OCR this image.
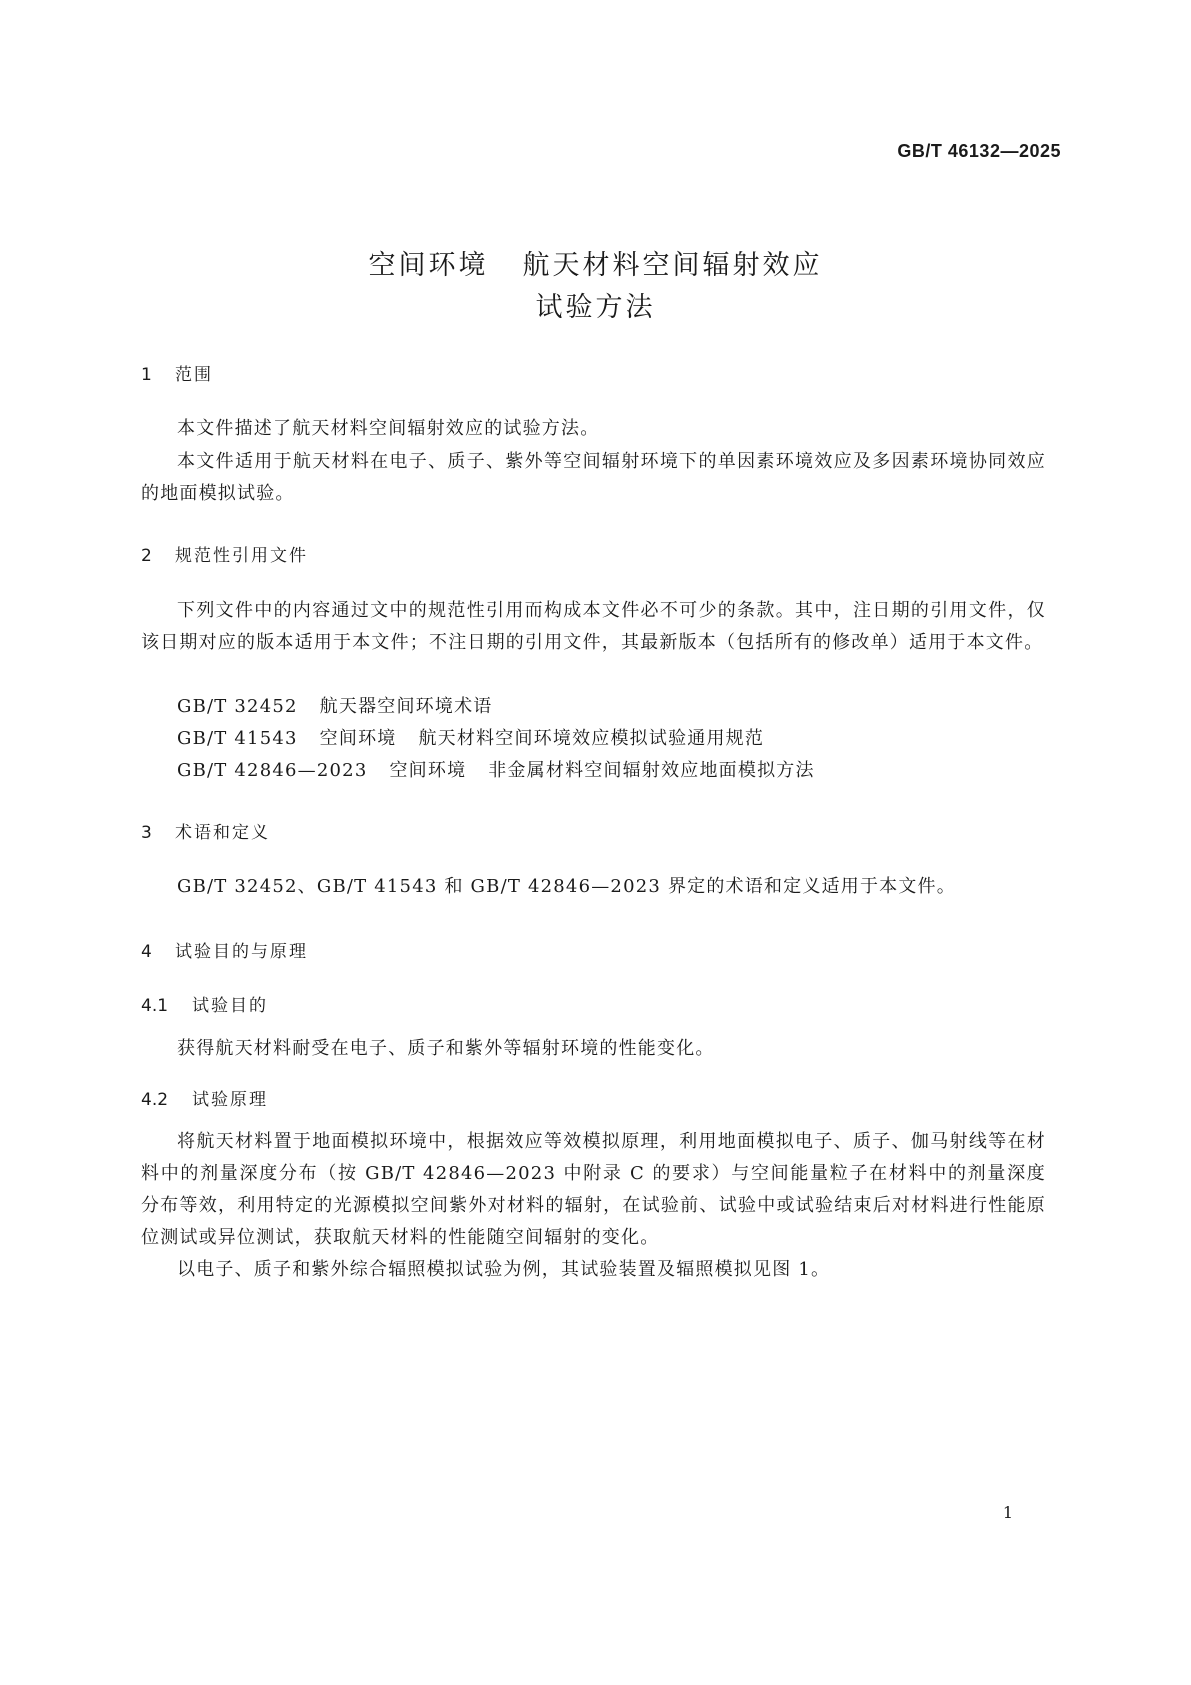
GB/T 46132—2025
空间环境 航天材料空间辐射效应
试验方法
1 范围

本文件描述了航天材料空间辐射效应的试验方法。

本文件适用于航天材料在电子、质子、紫外等空间辐射环境下的单因素环境效应及多因素环境协同效应的地面模拟试验。

2 规范性引用文件

下列文件中的内容通过文中的规范性引用而构成本文件必不可少的条款。其中，注日期的引用文件，仅该日期对应的版本适用于本文件；不注日期的引用文件，其最新版本（包括所有的修改单）适用于本文件。

GB/T 32452 航天器空间环境术语
GB/T 41543 空间环境 航天材料空间环境效应模拟试验通用规范
GB/T 42846—2023 空间环境 非金属材料空间辐射效应地面模拟方法
3 术语和定义

GB/T 32452、GB/T 41543 和 GB/T 42846—2023 界定的术语和定义适用于本文件。

4 试验目的与原理
4.1 试验目的

获得航天材料耐受在电子、质子和紫外等辐射环境的性能变化。

4.2 试验原理

将航天材料置于地面模拟环境中，根据效应等效模拟原理，利用地面模拟电子、质子、伽马射线等在材料中的剂量深度分布（按 GB/T 42846—2023 中附录 C 的要求）与空间能量粒子在材料中的剂量深度分布等效，利用特定的光源模拟空间紫外对材料的辐射，在试验前、试验中或试验结束后对材料进行性能原位测试或异位测试，获取航天材料的性能随空间辐射的变化。

以电子、质子和紫外综合辐照模拟试验为例，其试验装置及辐照模拟见图 1。

1
